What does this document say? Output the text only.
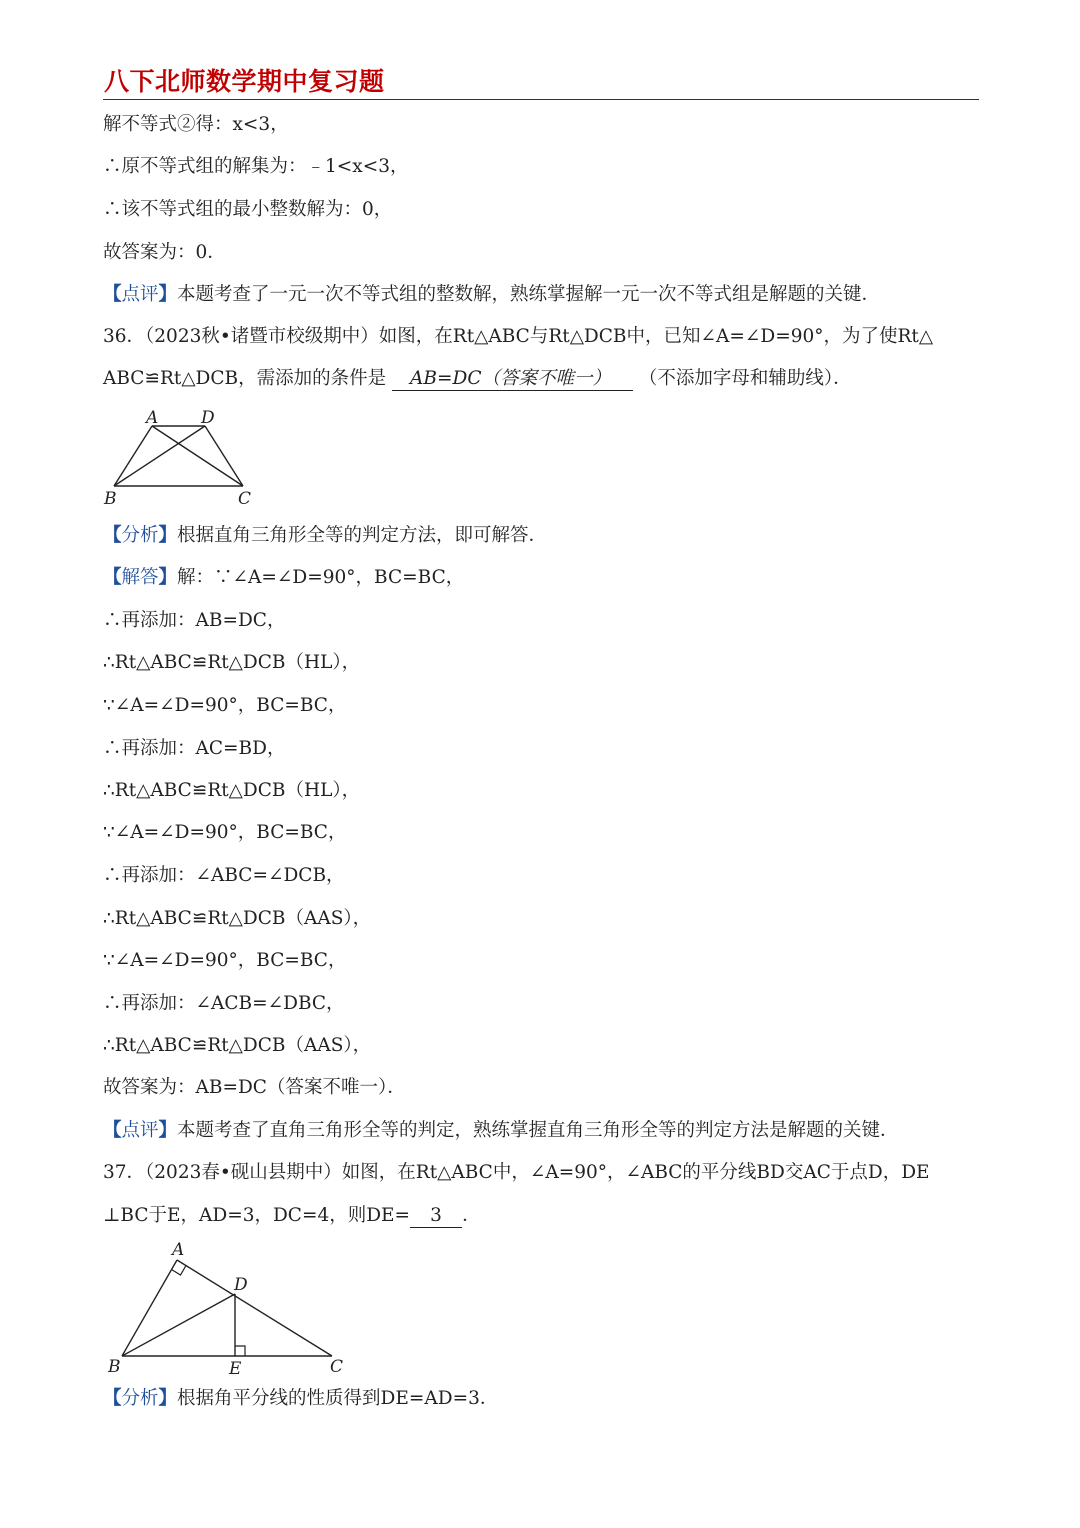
八下北师数学期中复习题
解不等式②得：x<3，
∴原不等式组的解集为：﹣1<x<3，
∴该不等式组的最小整数解为：0，
故答案为：0．
【点评】本题考查了一元一次不等式组的整数解，熟练掌握解一元一次不等式组是解题的关键．
36．（2023秋•诸暨市校级期中）如图，在Rt△ABC与Rt△DCB中，已知∠A=∠D=90°，为了使Rt△
ABC≌Rt△DCB，需添加的条件是 AB=DC（答案不唯一） （不添加字母和辅助线）．
A	D
B	C
【分析】根据直角三角形全等的判定方法，即可解答．
【解答】解：∵∠A=∠D=90°，BC=BC，
∴再添加：AB=DC，
∴Rt△ABC≌Rt△DCB（HL），
∵∠A=∠D=90°，BC=BC，
∴再添加：AC=BD，
∴Rt△ABC≌Rt△DCB（HL），
∵∠A=∠D=90°，BC=BC，
∴再添加：∠ABC=∠DCB，
∴Rt△ABC≌Rt△DCB（AAS），
∵∠A=∠D=90°，BC=BC，
∴再添加：∠ACB=∠DBC，
∴Rt△ABC≌Rt△DCB（AAS），
故答案为：AB=DC（答案不唯一）．
【点评】本题考查了直角三角形全等的判定，熟练掌握直角三角形全等的判定方法是解题的关键．
37．（2023春•砚山县期中）如图，在Rt△ABC中，∠A=90°，∠ABC的平分线BD交AC于点D，DE
⊥BC于E，AD=3，DC=4，则DE= 3 ．
A
D
B	E	C
【分析】根据角平分线的性质得到DE=AD=3．
